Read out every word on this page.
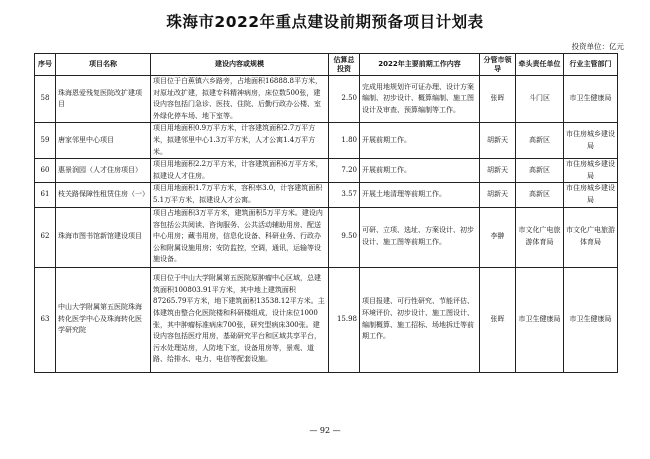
珠海市2022年重点建设前期预备项目计划表
投资单位：亿元
序号	项目名称	建设内容或规模	估算总投资	2022年主要前期工作内容	分管市领导	牵头责任单位	行业主管部门
58	珠海恩爱残复医院改扩建项目	项目位于白蕉镇六乡路旁，占地面积16888.8平方米，对原址改扩建，拟建专科精神病房，床位数500张，建设内容包括门急诊、医技、住院、后勤行政办公楼、室外绿化停车场、地下室等。	2.50	完成用地规划许可证办理、设计方案编制、初步设计、概算编制、施工图设计及审查、预算编制等工作。	张晖	斗门区	市卫生健康局
59	唐家邻里中心项目	项目用地面积0.9万平方米，计容建筑面积2.7万平方米，拟建邻里中心1.3万平方米，人才公寓1.4万平方米。	1.80	开展前期工作。	胡新天	高新区	市住房城乡建设局
60	惠景润园（人才住房项目）	项目用地面积2.2万平方米，计容建筑面积6万平方米，拟建设人才住房。	7.20	开展前期工作。	胡新天	高新区	市住房城乡建设局
61	枝关路保障性租赁住房（一）	项目用地面积1.7万平方米，容积率3.0，计容建筑面积5.1万平方米，拟建设人才公寓。	3.57	开展土地清理等前期工作。	胡新天	高新区	市住房城乡建设局
62	珠海市图书馆新馆建设项目	项目占地面积3万平方米，建筑面积5万平方米。建设内容包括公共阅读、咨询服务、公共活动辅助用房、配送中心用房；藏书用房，信息化设备、科研业务、行政办公和附属设施用房；安防监控，空调，通讯，运输等设施设备。	9.50	可研、立项、选址、方案设计、初步设计、施工图等前期工作。	李翀	市文化广电旅游体育局	市文化广电旅游体育局
63	中山大学附属第五医院珠海转化医学中心及珠海转化医学研究院	项目位于中山大学附属第五医院原肿瘤中心区域，总建筑面积100803.91平方米，其中地上建筑面积87265.79平方米，地下建筑面积13538.12平方米。主体建筑由整合化医院楼和科研楼组成，设计床位1000张，其中肿瘤标准病床700张，研究型病床300张。建设内容包括医疗用房，基础研究平台和区域共享平台，污水处理站房，人防地下室，设备用房等，景观、道路、给排水、电力、电信等配套设施。	15.98	项目报建、可行性研究、节能评估、环境评价、初步设计、施工图设计、编制概算、施工招标、场地拆迁等前期工作。	张晖	市卫生健康局	市卫生健康局
— 92 —
